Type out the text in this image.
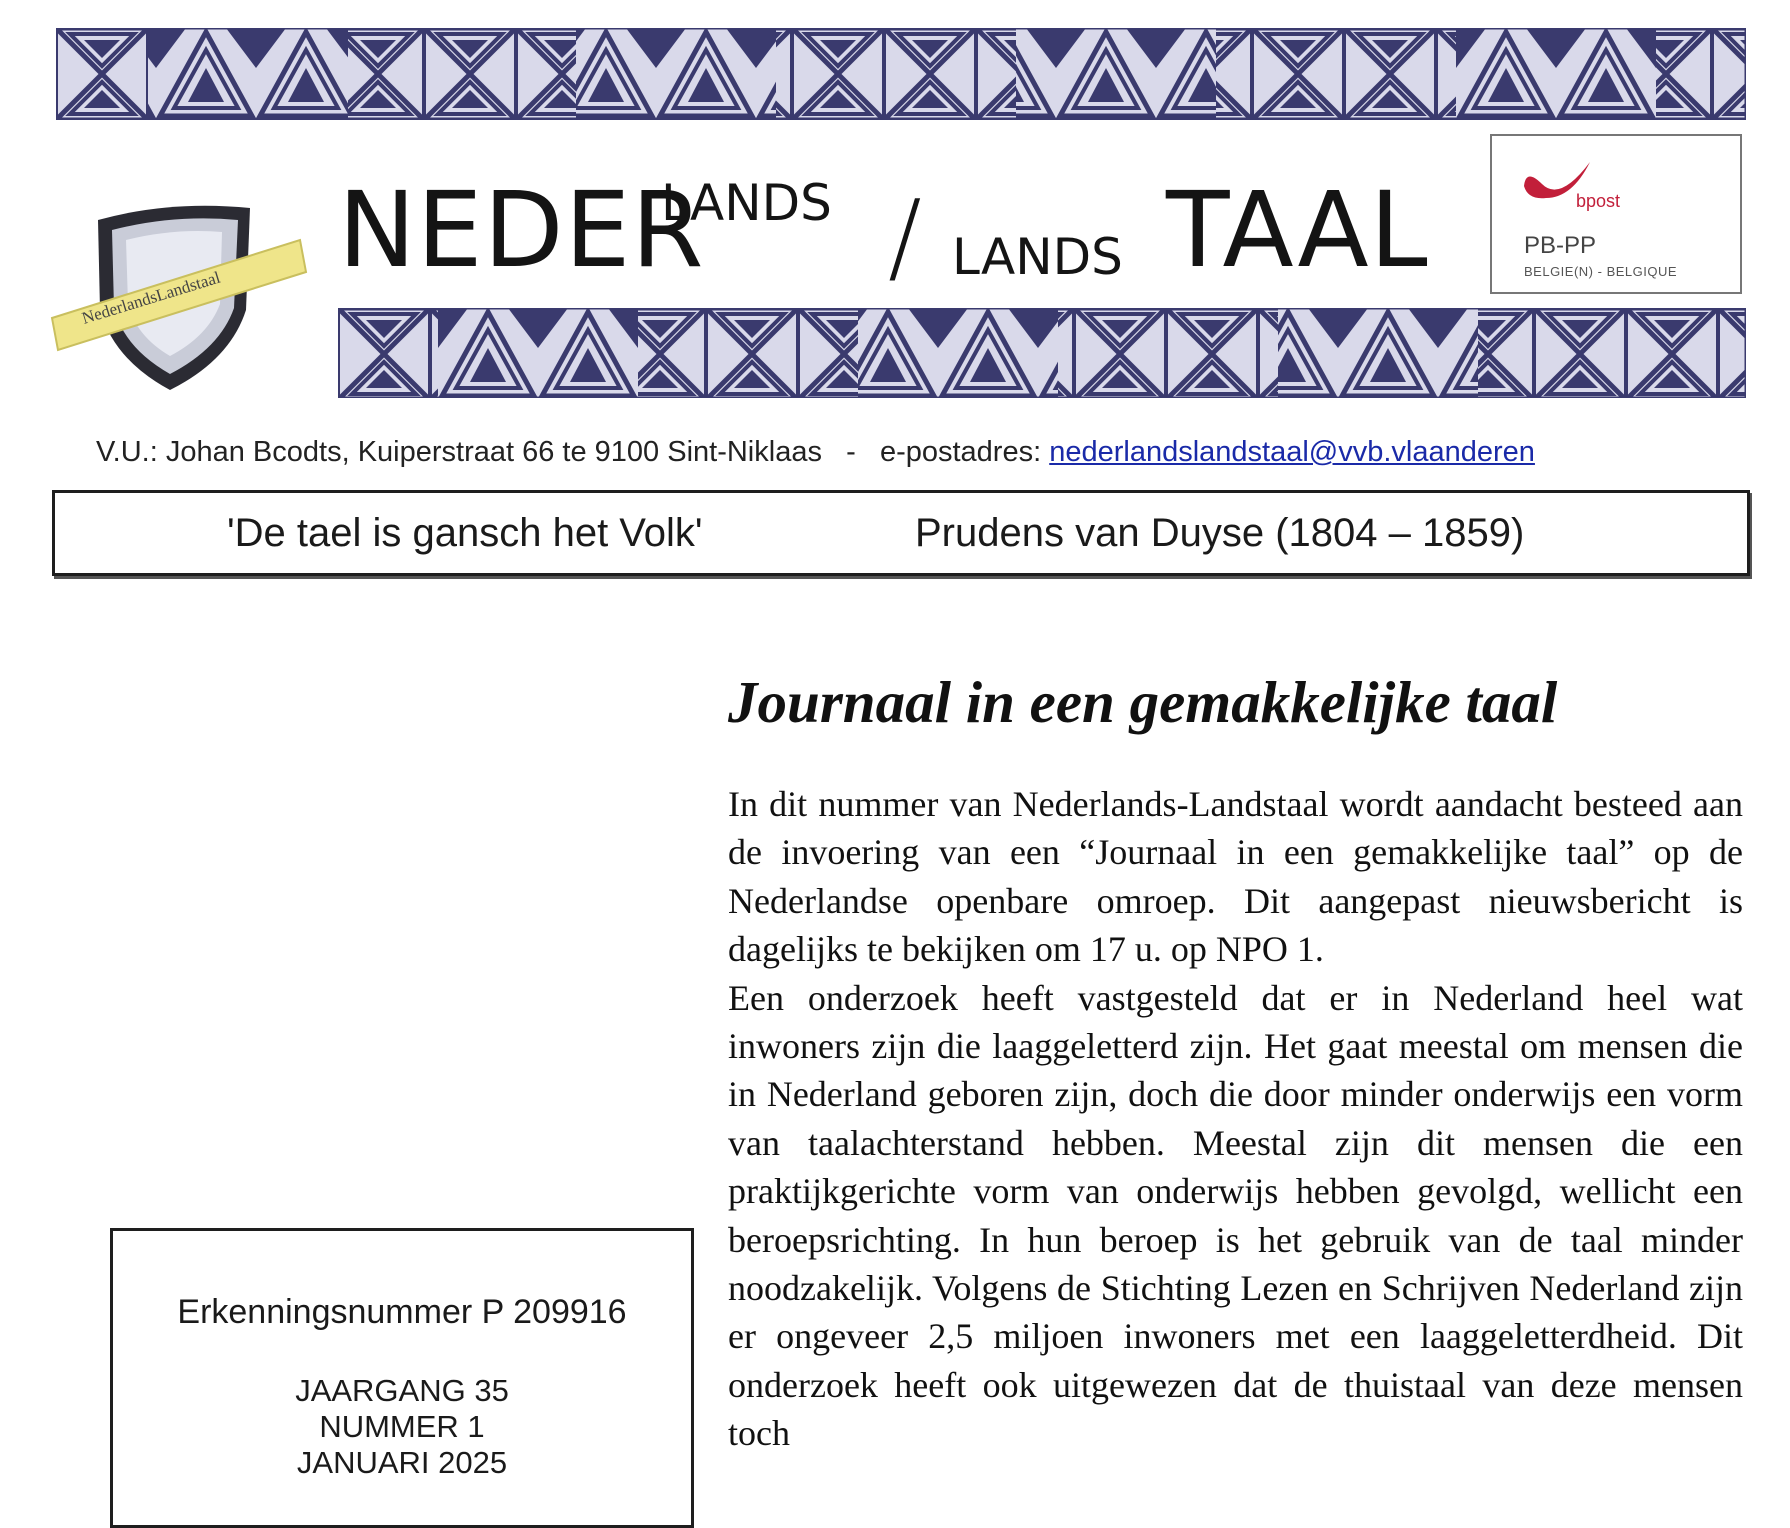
NederlandsLandstaal
NEDER
LANDS / LANDS TAAL	bpost
PB-PP
BELGIE(N) - BELGIQUE
V.U.: Johan Bcodts, Kuiperstraat 66 te 9100 Sint-Niklaas   -   e-postadres: nederlandslandstaal@vvb.vlaanderen
'De tael is gansch het Volk'	Prudens van Duyse (1804 – 1859)
Journaal in een gemakkelijke taal

In dit nummer van Nederlands-Landstaal wordt aandacht besteed aan de invoering van een “Journaal in een gemakkelijke taal” op de Nederlandse openbare omroep. Dit aangepast nieuwsbericht is dagelijks te bekijken om 17 u. op NPO 1.

Een onderzoek heeft vastgesteld dat er in Nederland heel wat inwoners zijn die laaggeletterd zijn. Het gaat meestal om mensen die in Nederland geboren zijn, doch die door minder onderwijs een vorm van taalachterstand hebben. Meestal zijn dit mensen die een praktijkgerichte vorm van onderwijs hebben gevolgd, wellicht een beroepsrichting. In hun beroep is het gebruik van de taal minder noodzakelijk. Volgens de Stichting Lezen en Schrijven Nederland zijn er ongeveer 2,5 miljoen inwoners met een laaggeletterdheid. Dit onderzoek heeft ook uitgewezen dat de thuistaal van deze mensen toch

Erkenningsnummer P 209916
JAARGANG 35
NUMMER 1
JANUARI 2025
